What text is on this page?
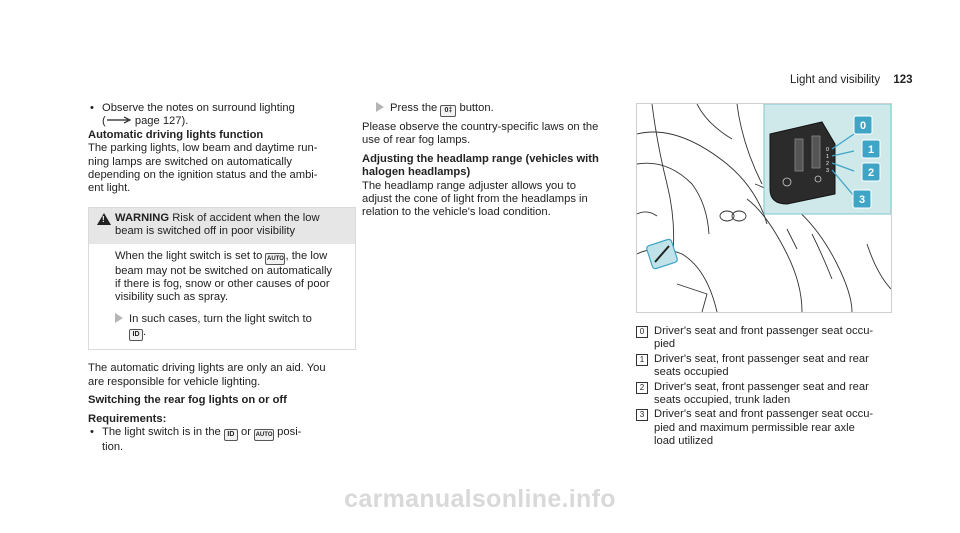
Light and visibility 123

• Observe the notes on surround lighting

(	page 127).

Automatic driving lights function

The parking lights, low beam and daytime run-

ning lamps are switched on automatically

depending on the ignition status and the ambi-

ent light.

! WARNING Risk of accident when the low

beam is switched off in poor visibility

When the light switch is set to AUTO , the low

beam may not be switched on automatically

if there is fog, snow or other causes of poor

visibility such as spray.

In such cases, turn the light switch to

ID .

The automatic driving lights are only an aid. You

are responsible for vehicle lighting.

Switching the rear fog lights on or off

Requirements:

• The light switch is in the ID or AUTO posi-

tion.

Press the 0‡ button.

Please observe the country-specific laws on the

use of rear fog lamps.

Adjusting the headlamp range (vehicles with

halogen headlamps)

The headlamp range adjuster allows you to

adjust the cone of light from the headlamps in

relation to the vehicle's load condition.

0
1
2
3
0
1
2
3
0 Driver's seat and front passenger seat occu-

pied

1 Driver's seat, front passenger seat and rear

seats occupied

2 Driver's seat, front passenger seat and rear

seats occupied, trunk laden

3 Driver's seat and front passenger seat occu-

pied and maximum permissible rear axle

load utilized

carmanualsonline.info
